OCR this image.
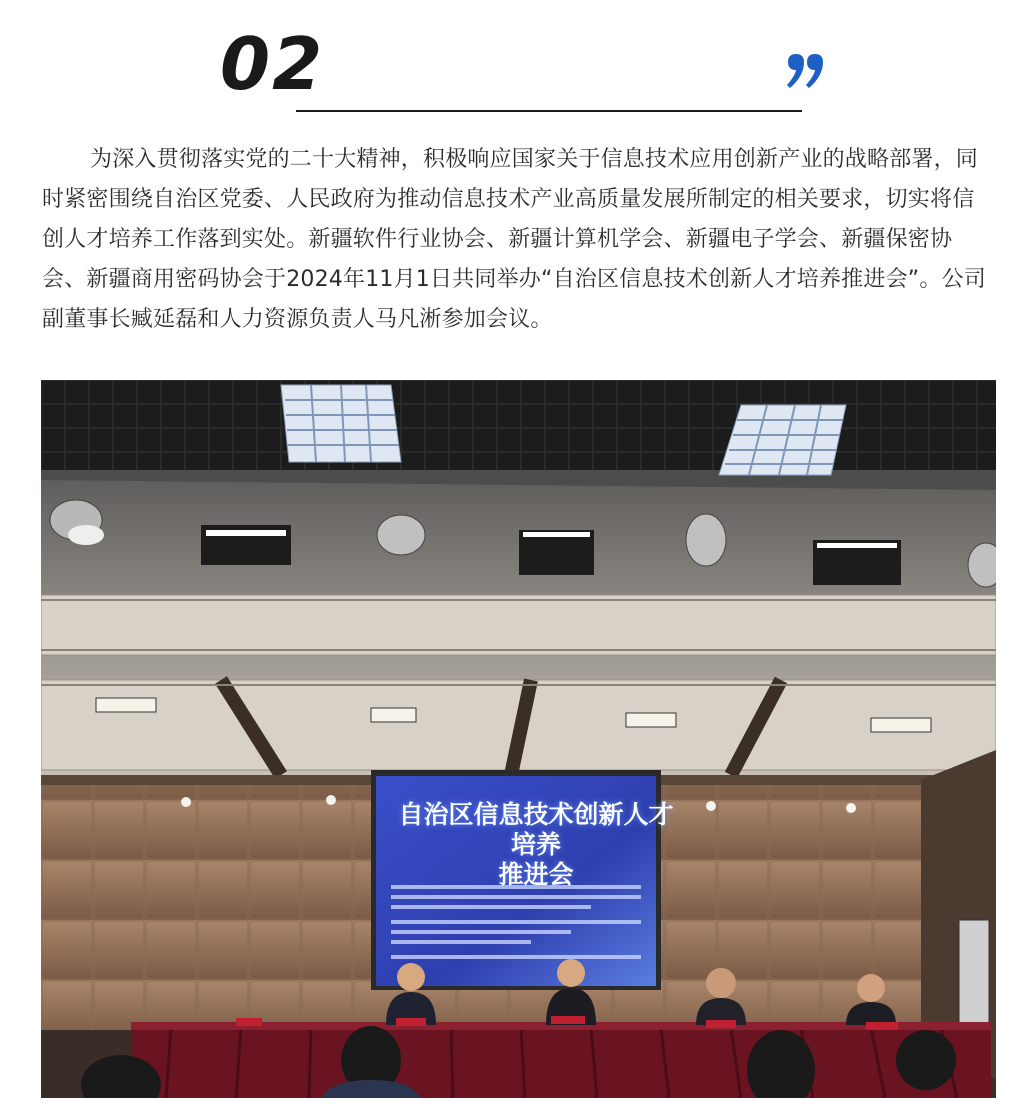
02

为深入贯彻落实党的二十大精神，积极响应国家关于信息技术应用创新产业的战略部署，同时紧密围绕自治区党委、人民政府为推动信息技术产业高质量发展所制定的相关要求，切实将信创人才培养工作落到实处。新疆软件行业协会、新疆计算机学会、新疆电子学会、新疆保密协会、新疆商用密码协会于2024年11月1日共同举办“自治区信息技术创新人才培养推进会”。公司副董事长臧延磊和人力资源负责人马凡淅参加会议。

自治区信息技术创新人才培养
推进会
